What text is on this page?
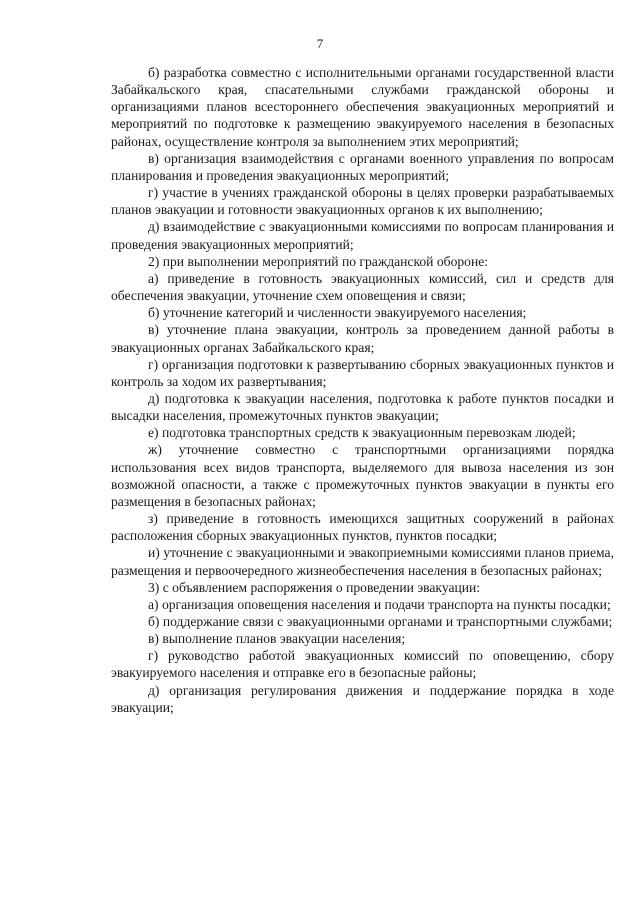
7

б) разработка совместно с исполнительными органами государственной власти Забайкальского края, спасательными службами гражданской обороны и организациями планов всестороннего обеспечения эвакуационных мероприятий и мероприятий по подготовке к размещению эвакуируемого населения в безопасных районах, осуществление контроля за выполнением этих мероприятий;

в) организация взаимодействия с органами военного управления по вопросам планирования и проведения эвакуационных мероприятий;

г) участие в учениях гражданской обороны в целях проверки разрабатываемых планов эвакуации и готовности эвакуационных органов к их выполнению;

д) взаимодействие с эвакуационными комиссиями по вопросам планирования и проведения эвакуационных мероприятий;

2) при выполнении мероприятий по гражданской обороне:

а) приведение в готовность эвакуационных комиссий, сил и средств для обеспечения эвакуации, уточнение схем оповещения и связи;

б) уточнение категорий и численности эвакуируемого населения;

в) уточнение плана эвакуации, контроль за проведением данной работы в эвакуационных органах Забайкальского края;

г) организация подготовки к развертыванию сборных эвакуационных пунктов и контроль за ходом их развертывания;

д) подготовка к эвакуации населения, подготовка к работе пунктов посадки и высадки населения, промежуточных пунктов эвакуации;

е) подготовка транспортных средств к эвакуационным перевозкам людей;

ж) уточнение совместно с транспортными организациями порядка использования всех видов транспорта, выделяемого для вывоза населения из зон возможной опасности, а также с промежуточных пунктов эвакуации в пункты его размещения в безопасных районах;

з) приведение в готовность имеющихся защитных сооружений в районах расположения сборных эвакуационных пунктов, пунктов посадки;

и) уточнение с эвакуационными и эвакоприемными комиссиями планов приема, размещения и первоочередного жизнеобеспечения населения в безопасных районах;

3) с объявлением распоряжения о проведении эвакуации:

а) организация оповещения населения и подачи транспорта на пункты посадки;

б) поддержание связи с эвакуационными органами и транспортными службами;

в) выполнение планов эвакуации населения;

г) руководство работой эвакуационных комиссий по оповещению, сбору эвакуируемого населения и отправке его в безопасные районы;

д) организация регулирования движения и поддержание порядка в ходе эвакуации;
